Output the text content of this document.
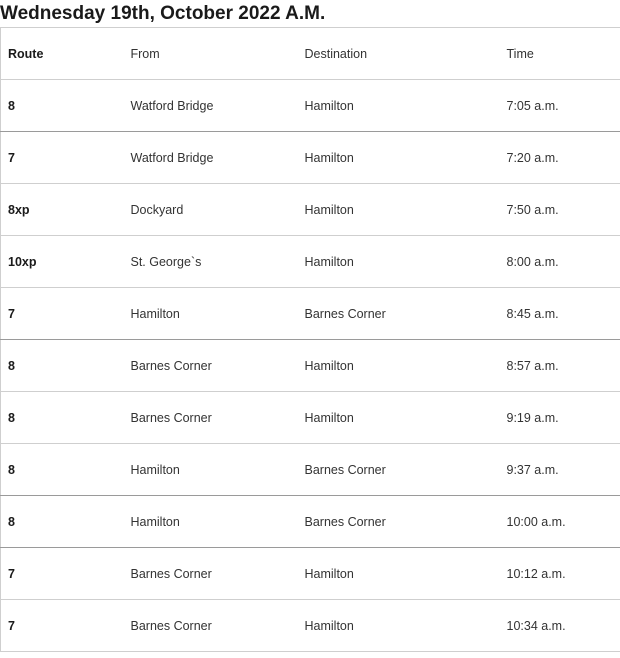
Wednesday 19th, October 2022 A.M.
Route	From	Destination	Time
8	Watford Bridge	Hamilton	7:05 a.m.
7	Watford Bridge	Hamilton	7:20 a.m.
8xp	Dockyard	Hamilton	7:50 a.m.
10xp	St. George`s	Hamilton	8:00 a.m.
7	Hamilton	Barnes Corner	8:45 a.m.
8	Barnes Corner	Hamilton	8:57 a.m.
8	Barnes Corner	Hamilton	9:19 a.m.
8	Hamilton	Barnes Corner	9:37 a.m.
8	Hamilton	Barnes Corner	10:00 a.m.
7	Barnes Corner	Hamilton	10:12 a.m.
7	Barnes Corner	Hamilton	10:34 a.m.
